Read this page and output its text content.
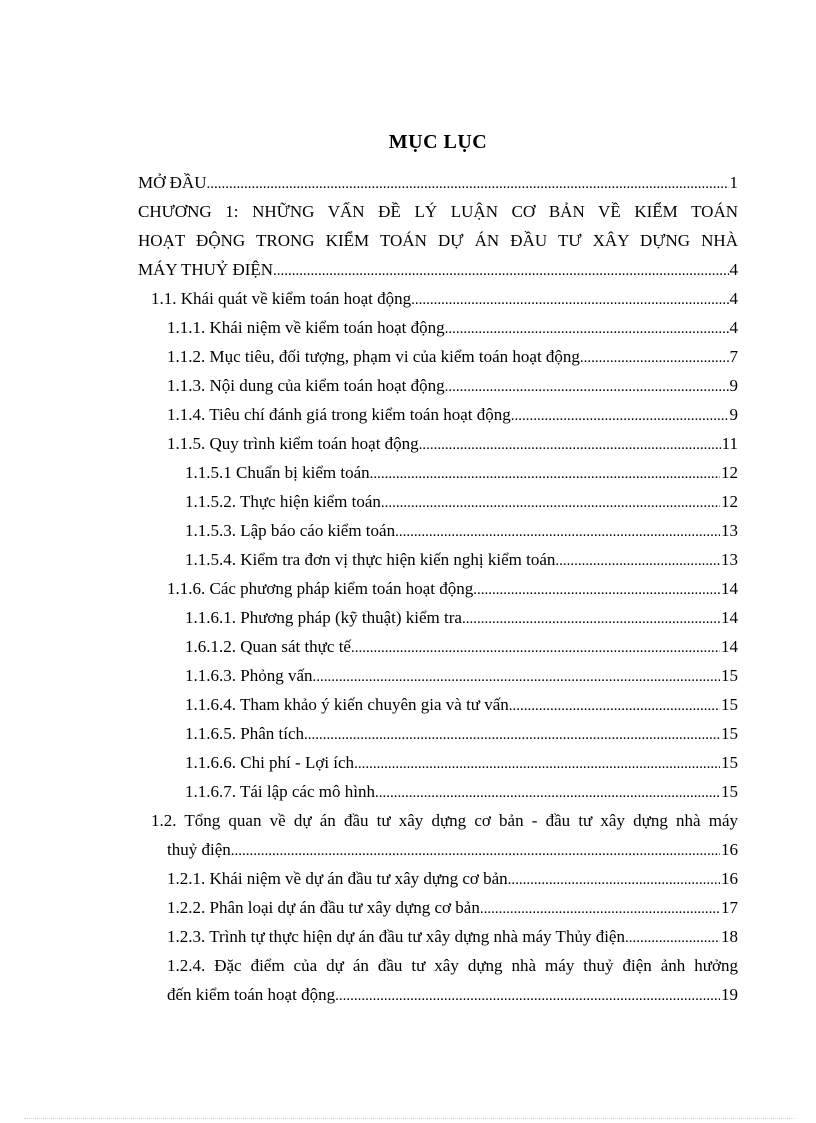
MỤC LỤC
MỞ ĐẦU .....	1
CHƯƠNG 1: NHỮNG VẤN ĐỀ LÝ LUẬN CƠ BẢN VỀ KIỂM TOÁN
HOẠT ĐỘNG TRONG KIỂM TOÁN DỰ ÁN ĐẦU TƯ XÂY DỰNG NHÀ
MÁY THUỶ ĐIỆN .....	4
1.1. Khái quát về kiểm toán hoạt động .....	4
1.1.1. Khái niệm về kiểm toán hoạt động .....	4
1.1.2. Mục tiêu, đối tượng, phạm vi của kiểm toán hoạt động .....	7
1.1.3. Nội dung của kiểm toán hoạt động .....	9
1.1.4. Tiêu chí đánh giá trong kiểm toán hoạt động .....	9
1.1.5. Quy trình kiểm toán hoạt động .....	11
1.1.5.1 Chuẩn bị kiểm toán .....	12
1.1.5.2. Thực hiện kiểm toán .....	12
1.1.5.3. Lập báo cáo kiểm toán .....	13
1.1.5.4. Kiểm tra đơn vị thực hiện kiến nghị kiểm toán .....	13
1.1.6. Các phương pháp kiểm toán hoạt động .....	14
1.1.6.1. Phương pháp (kỹ thuật) kiểm tra .....	14
1.6.1.2. Quan sát thực tế .....	14
1.1.6.3. Phỏng vấn .....	15
1.1.6.4. Tham khảo ý kiến chuyên gia và tư vấn .....	15
1.1.6.5. Phân tích .....	15
1.1.6.6. Chi phí - Lợi ích .....	15
1.1.6.7. Tái lập các mô hình .....	15
1.2. Tổng quan về dự án đầu tư xây dựng cơ bản - đầu tư xây dựng nhà máy
thuỷ điện .....	16
1.2.1. Khái niệm về dự án đầu tư xây dựng cơ bản .....	16
1.2.2. Phân loại dự án đầu tư xây dựng cơ bản .....	17
1.2.3. Trình tự thực hiện dự án đầu tư xây dựng nhà máy Thủy điện .....	18
1.2.4. Đặc điểm của dự án đầu tư xây dựng nhà máy thuỷ điện ảnh hưởng
đến kiểm toán hoạt động .....	19
